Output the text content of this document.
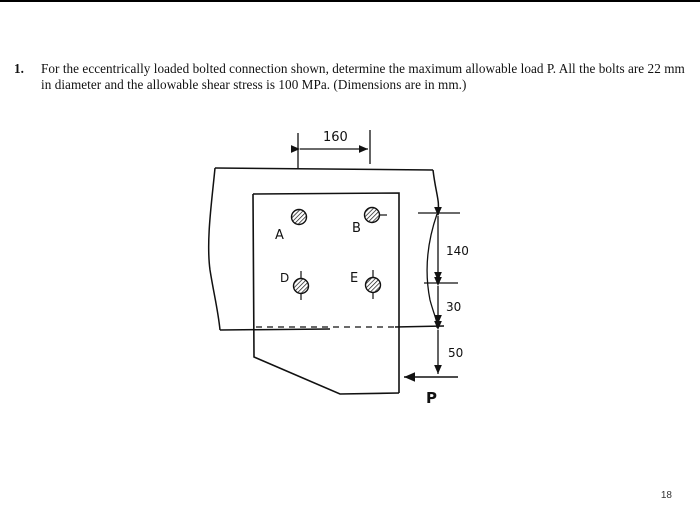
1. For the eccentrically loaded bolted connection shown, determine the maximum allowable load P. All the bolts are 22 mm in diameter and the allowable shear stress is 100 MPa. (Dimensions are in mm.)
160
A	B
D	E
140
30
50
P
18
